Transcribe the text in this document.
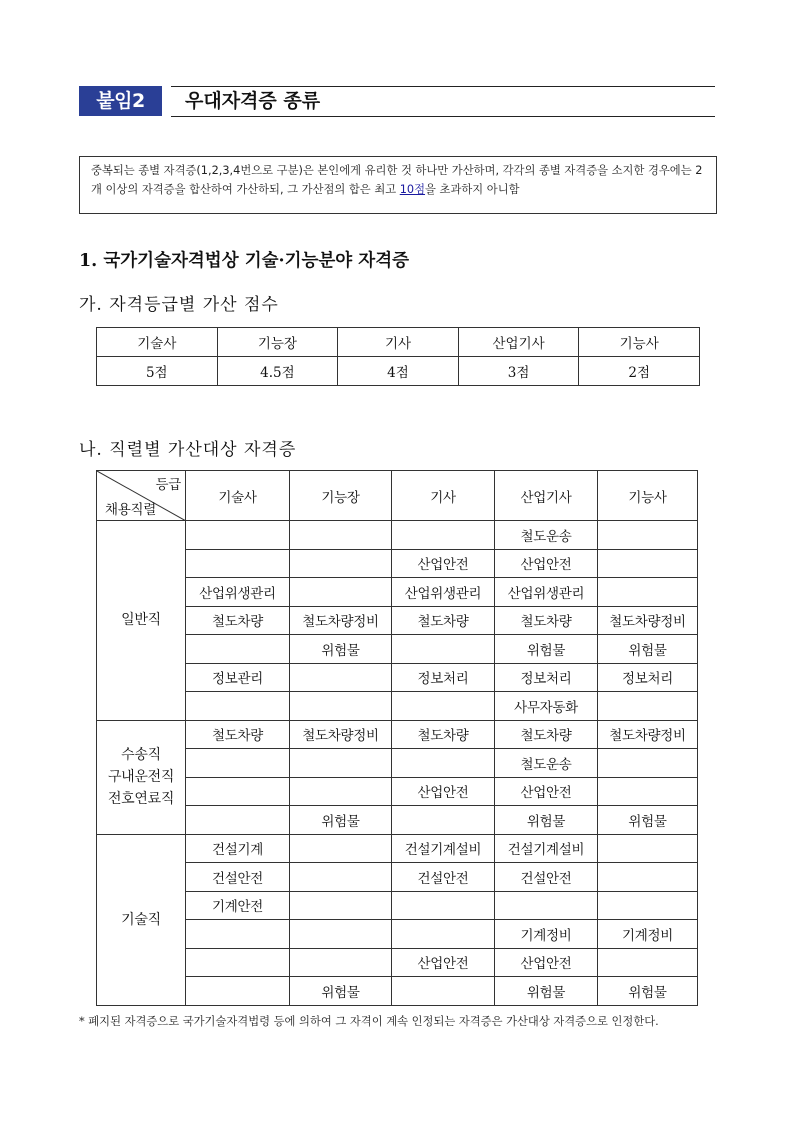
붙임2	우대자격증 종류
중복되는 종별 자격증(1,2,3,4번으로 구분)은 본인에게 유리한 것 하나만 가산하며, 각각의 종별 자격증을 소지한 경우에는 2개 이상의 자격증을 합산하여 가산하되, 그 가산점의 합은 최고 10점을 초과하지 아니함
1. 국가기술자격법상 기술·기능분야 자격증
가. 자격등급별 가산 점수
기술사	기능장	기사	산업기사	기능사
5점	4.5점	4점	3점	2점
나. 직렬별 가산대상 자격증
등급
채용직렬	기술사	기능장	기사	산업기사	기능사
일반직				철도운송	
			산업안전	산업안전	
	산업위생관리		산업위생관리	산업위생관리	
	철도차량	철도차량정비	철도차량	철도차량	철도차량정비
		위험물		위험물	위험물
	정보관리		정보처리	정보처리	정보처리
				사무자동화	
수송직
구내운전직
전호연료직	철도차량	철도차량정비	철도차량	철도차량	철도차량정비
				철도운송	
			산업안전	산업안전	
		위험물		위험물	위험물
기술직	건설기계		건설기계설비	건설기계설비	
	건설안전		건설안전	건설안전	
	기계안전				
				기계정비	기계정비
			산업안전	산업안전	
		위험물		위험물	위험물
* 폐지된 자격증으로 국가기술자격법령 등에 의하여 그 자격이 계속 인정되는 자격증은 가산대상 자격증으로 인정한다.
